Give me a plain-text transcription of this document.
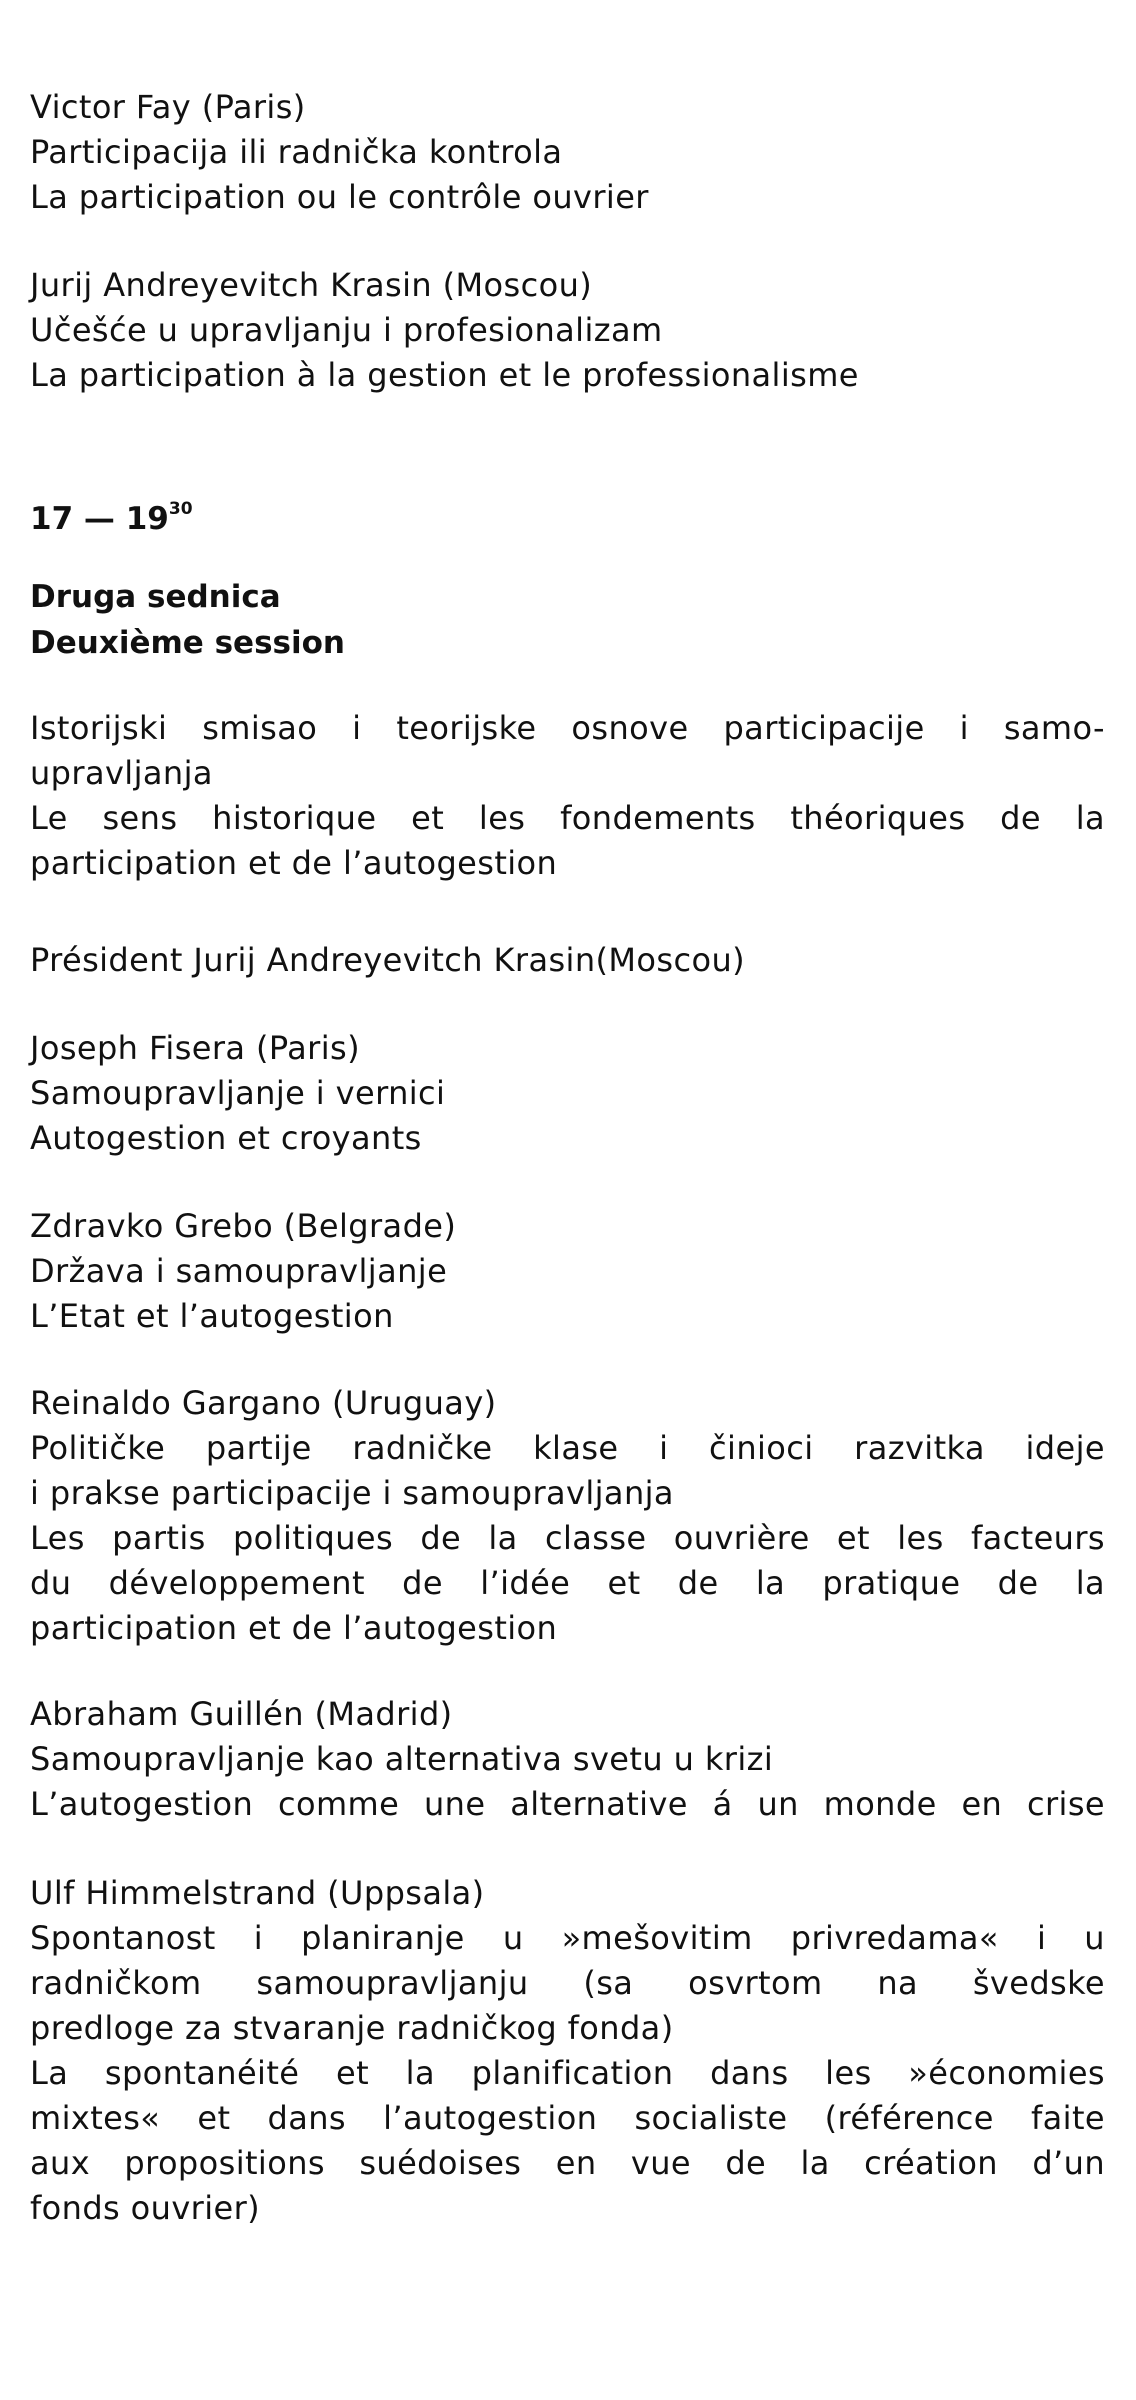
Victor Fay (Paris)
Participacija ili radnička kontrola
La participation ou le contrôle ouvrier
Jurij Andreyevitch Krasin (Moscou)
Učešće u upravljanju i profesionalizam
La participation à la gestion et le professionalisme
17 — $19^{30}$
Druga sednica
Deuxième session
Istorijski smisao i teorijske osnove participacije i samo-
upravljanja
Le sens historique et les fondements théoriques de la
participation et de l’autogestion
Président Jurij Andreyevitch Krasin(Moscou)
Joseph Fisera (Paris)
Samoupravljanje i vernici
Autogestion et croyants
Zdravko Grebo (Belgrade)
Država i samoupravljanje
L’Etat et l’autogestion
Reinaldo Gargano (Uruguay)
Političke partije radničke klase i činioci razvitka ideje
i prakse participacije i samoupravljanja
Les partis politiques de la classe ouvrière et les facteurs
du développement de l’idée et de la pratique de la
participation et de l’autogestion
Abraham Guillén (Madrid)
Samoupravljanje kao alternativa svetu u krizi
L’autogestion comme une alternative á un monde en crise
Ulf Himmelstrand (Uppsala)
Spontanost i planiranje u »mešovitim privredama« i u
radničkom samoupravljanju (sa osvrtom na švedske
predloge za stvaranje radničkog fonda)
La spontanéité et la planification dans les »économies
mixtes« et dans l’autogestion socialiste (référence faite
aux propositions suédoises en vue de la création d’un
fonds ouvrier)
